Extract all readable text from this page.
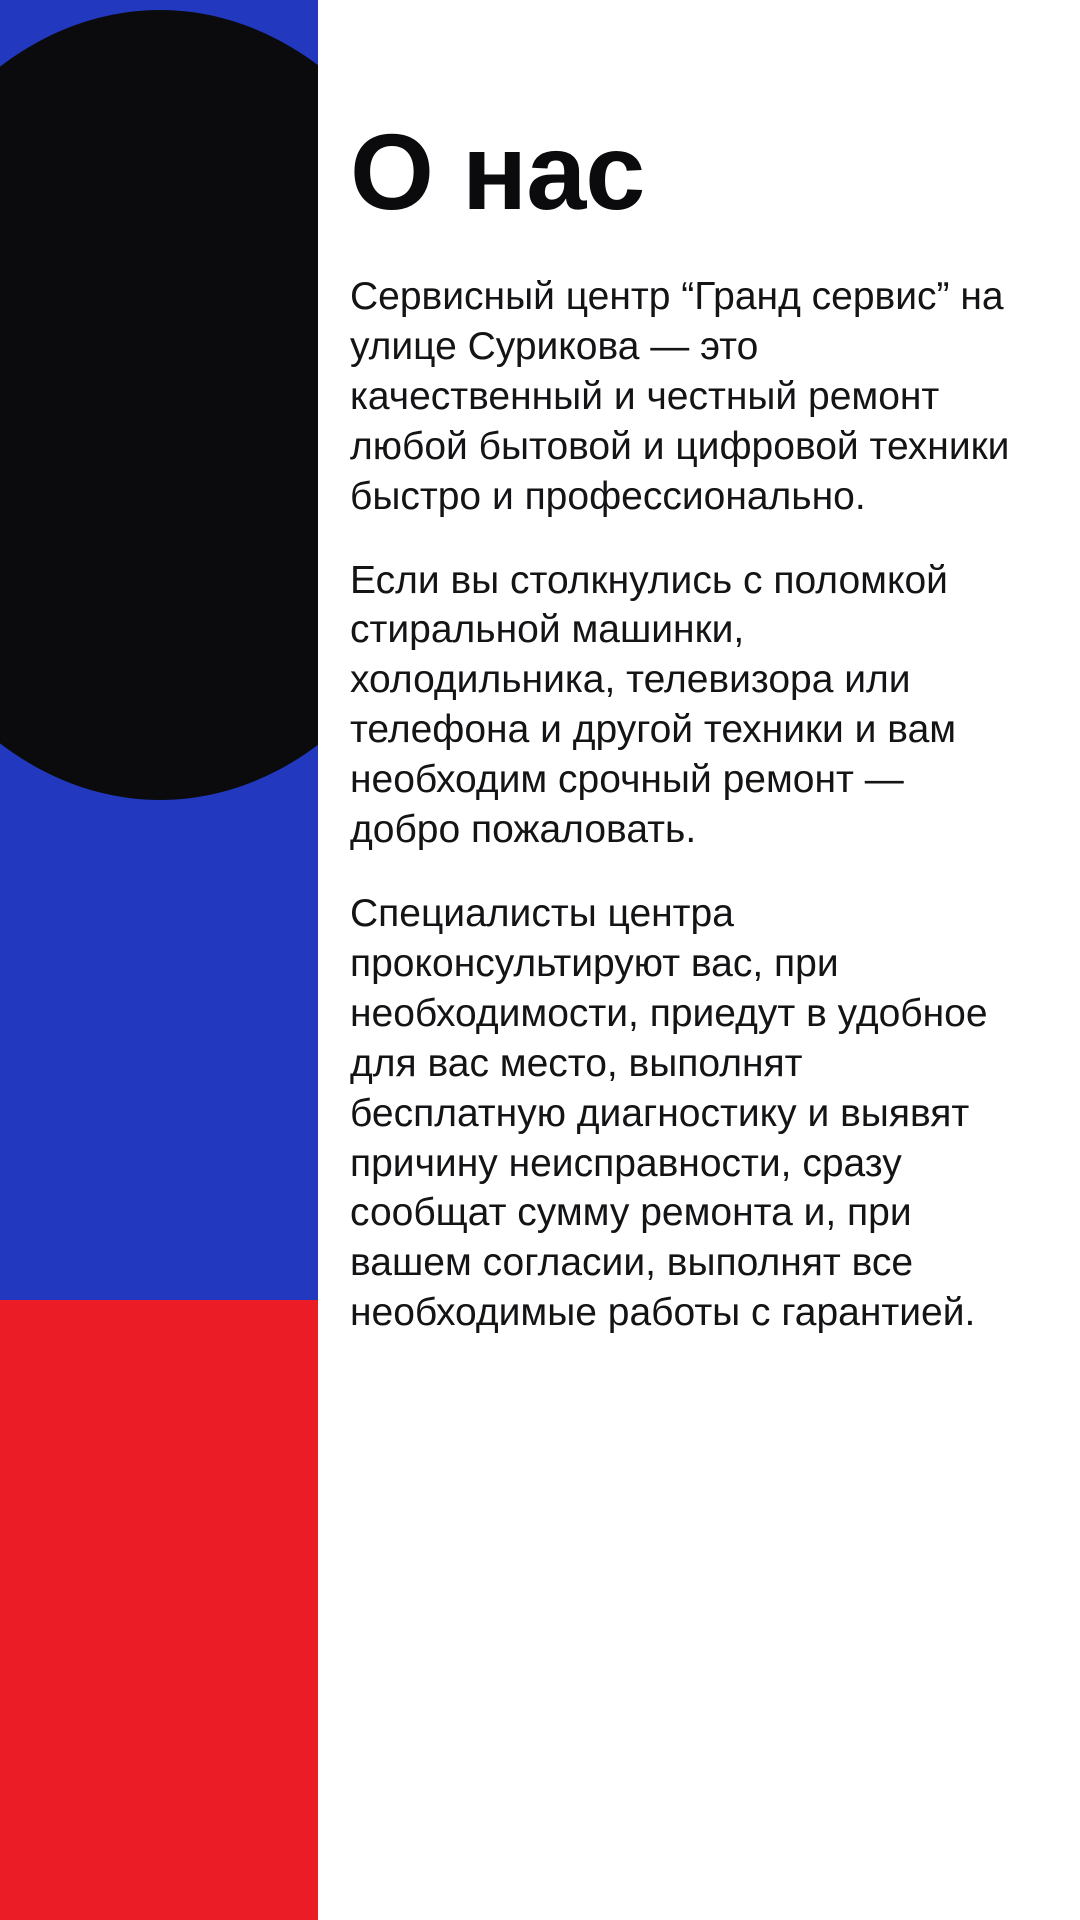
О нас

Сервисный центр “Гранд сервис” на улице Сурикова — это качественный и честный ремонт любой бытовой и цифровой техники быстро и профессионально.

Если вы столкнулись с поломкой стиральной машинки, холодильника, телевизора или телефона и другой техники и вам необходим срочный ремонт — добро пожаловать.

Специалисты центра проконсультируют вас, при необходимости, приедут в удобное для вас место, выполнят бесплатную диагностику и выявят причину неисправности, сразу сообщат сумму ремонта и, при вашем согласии, выполнят все необходимые работы с гарантией.
